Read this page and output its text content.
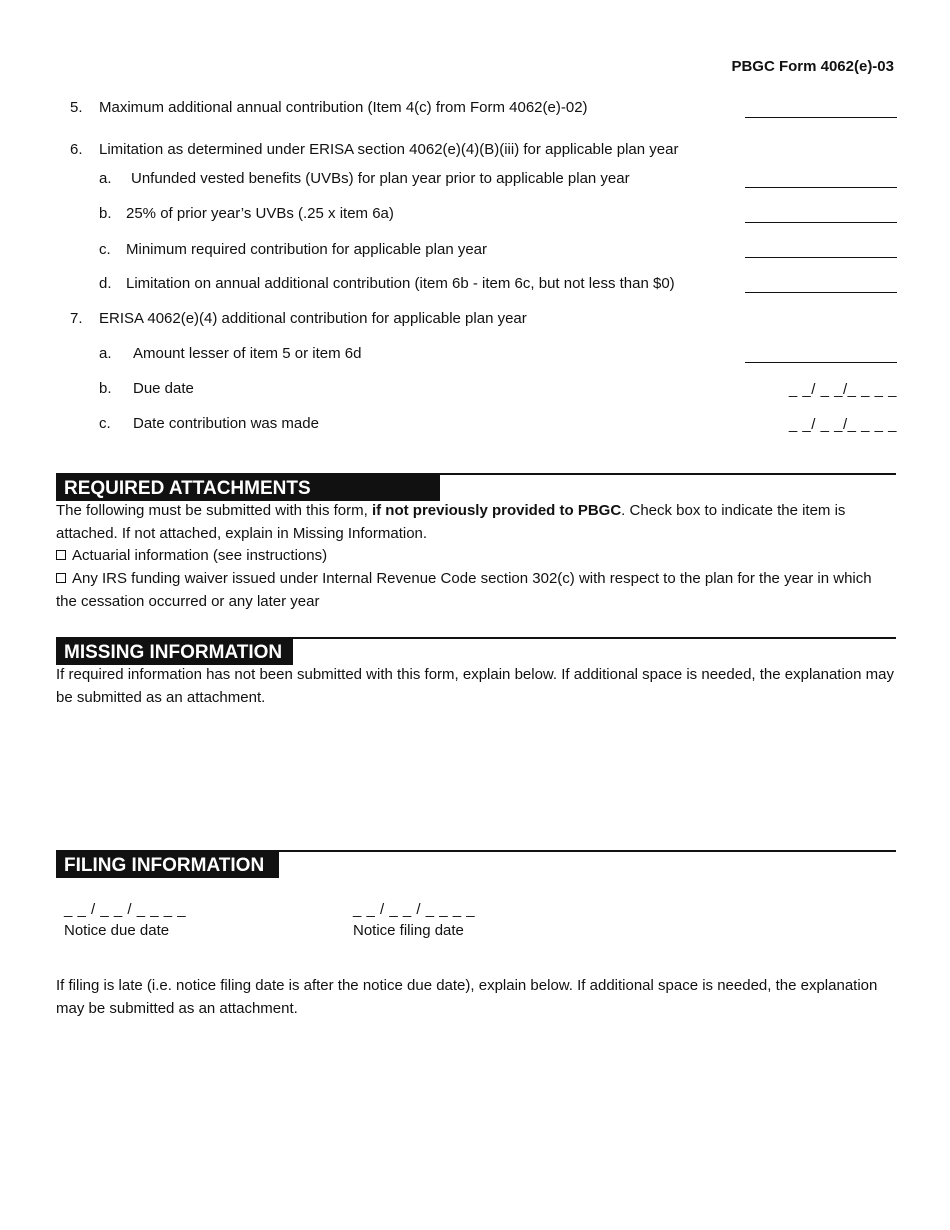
PBGC Form 4062(e)-03
5. Maximum additional annual contribution (Item 4(c) from Form 4062(e)-02)
6. Limitation as determined under ERISA section 4062(e)(4)(B)(iii) for applicable plan year
a. Unfunded vested benefits (UVBs) for plan year prior to applicable plan year
b. 25% of prior year’s UVBs (.25 x item 6a)
c. Minimum required contribution for applicable plan year
d. Limitation on annual additional contribution (item 6b - item 6c, but not less than $0)
7. ERISA 4062(e)(4) additional contribution for applicable plan year
a. Amount lesser of item 5 or item 6d
b. Due date	_ _/ _ _/_ _ _ _
c. Date contribution was made	_ _/ _ _/_ _ _ _
REQUIRED ATTACHMENTS
The following must be submitted with this form, if not previously provided to PBGC. Check box to indicate the item is attached. If not attached, explain in Missing Information.
Actuarial information (see instructions)
Any IRS funding waiver issued under Internal Revenue Code section 302(c) with respect to the plan for the year in which the cessation occurred or any later year
MISSING INFORMATION
If required information has not been submitted with this form, explain below. If additional space is needed, the explanation may be submitted as an attachment.
FILING INFORMATION
_ _ / _ _ / _ _ _ _
Notice due date
_ _ / _ _ / _ _ _ _
Notice filing date
If filing is late (i.e. notice filing date is after the notice due date), explain below. If additional space is needed, the explanation may be submitted as an attachment.
